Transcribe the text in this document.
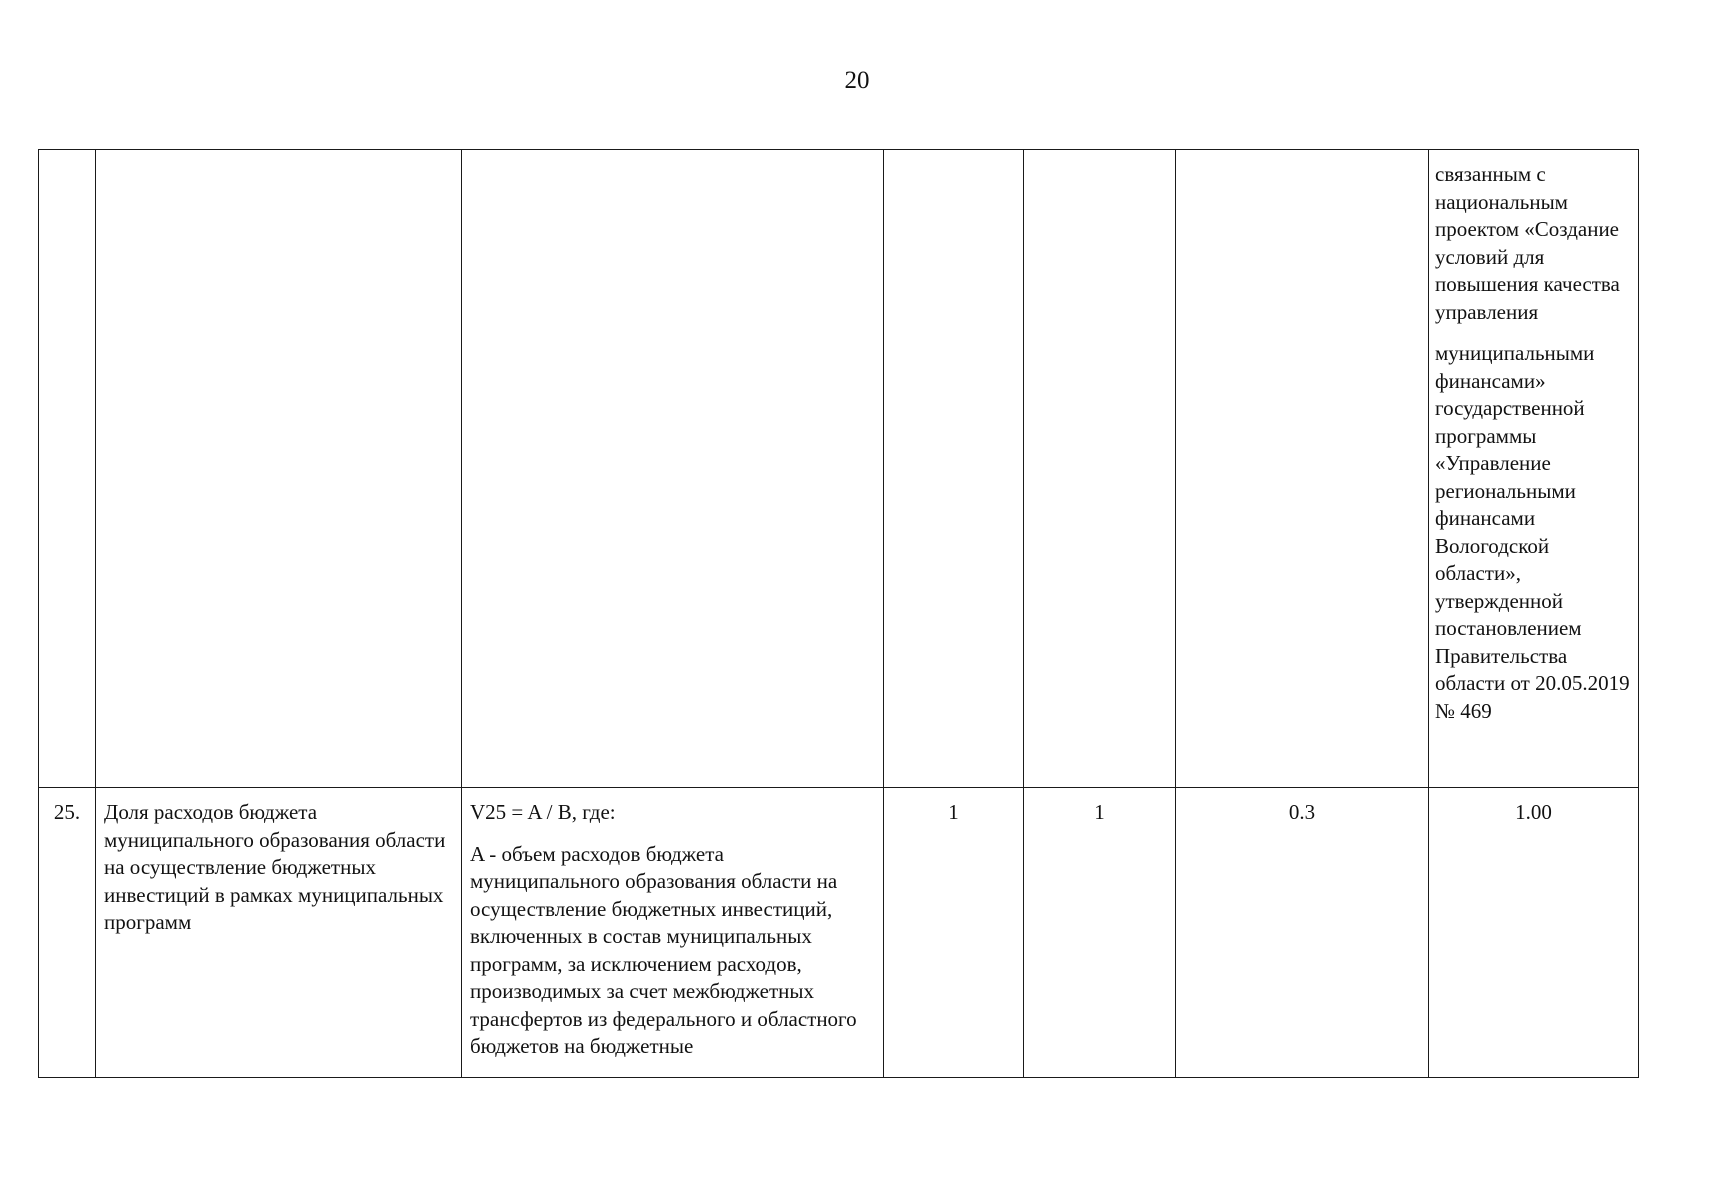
20

						связанным с национальным проектом «Создание условий для повышения качества управления

муниципальными финансами» государственной программы «Управление региональными финансами Вологодской области», утвержденной постановлением Правительства области от 20.05.2019 № 469

25.	Доля расходов бюджета муниципального образования области на осуществление бюджетных инвестиций в рамках муниципальных программ	V25 = A / B, где:

A - объем расходов бюджета муниципального образования области на осуществление бюджетных инвестиций, включенных в состав муниципальных программ, за исключением расходов, производимых за счет межбюджетных трансфертов из федерального и областного бюджетов на бюджетные	1	1	0.3	1.00
